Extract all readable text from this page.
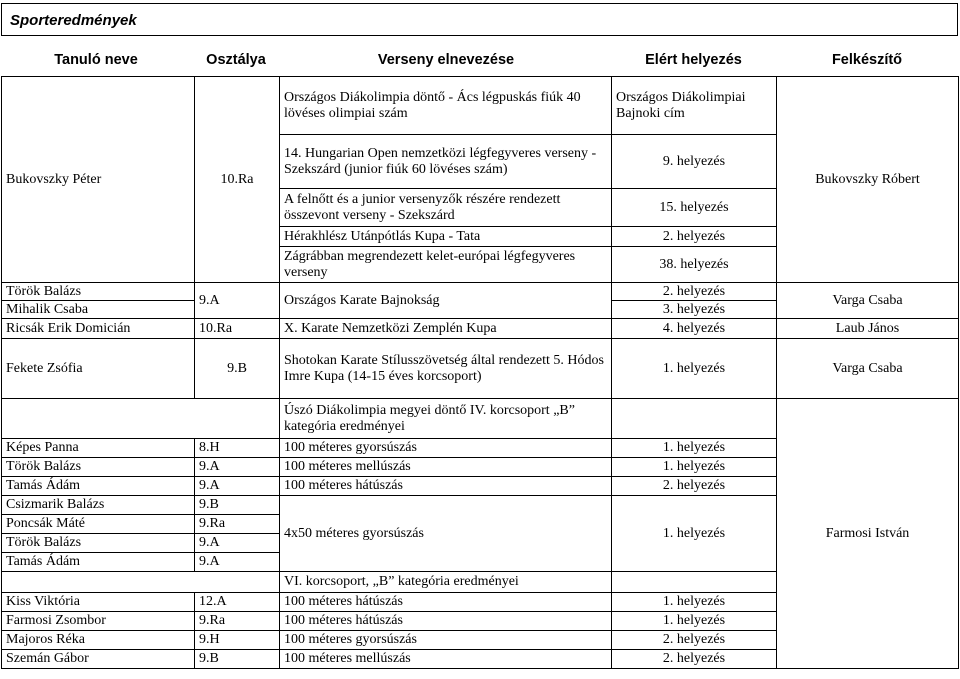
Sporteredmények
Tanuló neve	Osztálya	Verseny elnevezése	Elért helyezés	Felkészítő
Bukovszky Péter	10.Ra	Országos Diákolimpia döntő - Ács légpuskás fiúk 40 lövéses olimpiai szám	Országos Diákolimpiai Bajnoki cím	Bukovszky Róbert
		14. Hungarian Open nemzetközi légfegyveres verseny - Szekszárd (junior fiúk 60 lövéses szám)	9. helyezés	
		A felnőtt és a junior versenyzők részére rendezett összevont verseny - Szekszárd	15. helyezés	
		Hérakhlész Utánpótlás Kupa - Tata	2. helyezés	
		Zágrábban megrendezett kelet-európai légfegyveres verseny	38. helyezés	
Török Balázs	9.A	Országos Karate Bajnokság	2. helyezés	Varga Csaba
Mihalik Csaba			3. helyezés	
Ricsák Erik Domicián	10.Ra	X. Karate Nemzetközi Zemplén Kupa	4. helyezés	Laub János
Fekete Zsófia	9.B	Shotokan Karate Stílusszövetség által rendezett 5. Hódos Imre Kupa (14-15 éves korcsoport)	1. helyezés	Varga Csaba
		Úszó Diákolimpia megyei döntő IV. korcsoport „B” kategória eredményei		Farmosi István
Képes Panna	8.H	100 méteres gyorsúszás	1. helyezés	
Török Balázs	9.A	100 méteres mellúszás	1. helyezés	
Tamás Ádám	9.A	100 méteres hátúszás	2. helyezés	
Csizmarik Balázs	9.B	4x50 méteres gyorsúszás	1. helyezés	
Poncsák Máté	9.Ra			
Török Balázs	9.A			
Tamás Ádám	9.A			
		VI. korcsoport, „B” kategória eredményei		
Kiss Viktória	12.A	100 méteres hátúszás	1. helyezés	
Farmosi Zsombor	9.Ra	100 méteres hátúszás	1. helyezés	
Majoros Réka	9.H	100 méteres gyorsúszás	2. helyezés	
Szemán Gábor	9.B	100 méteres mellúszás	2. helyezés	
